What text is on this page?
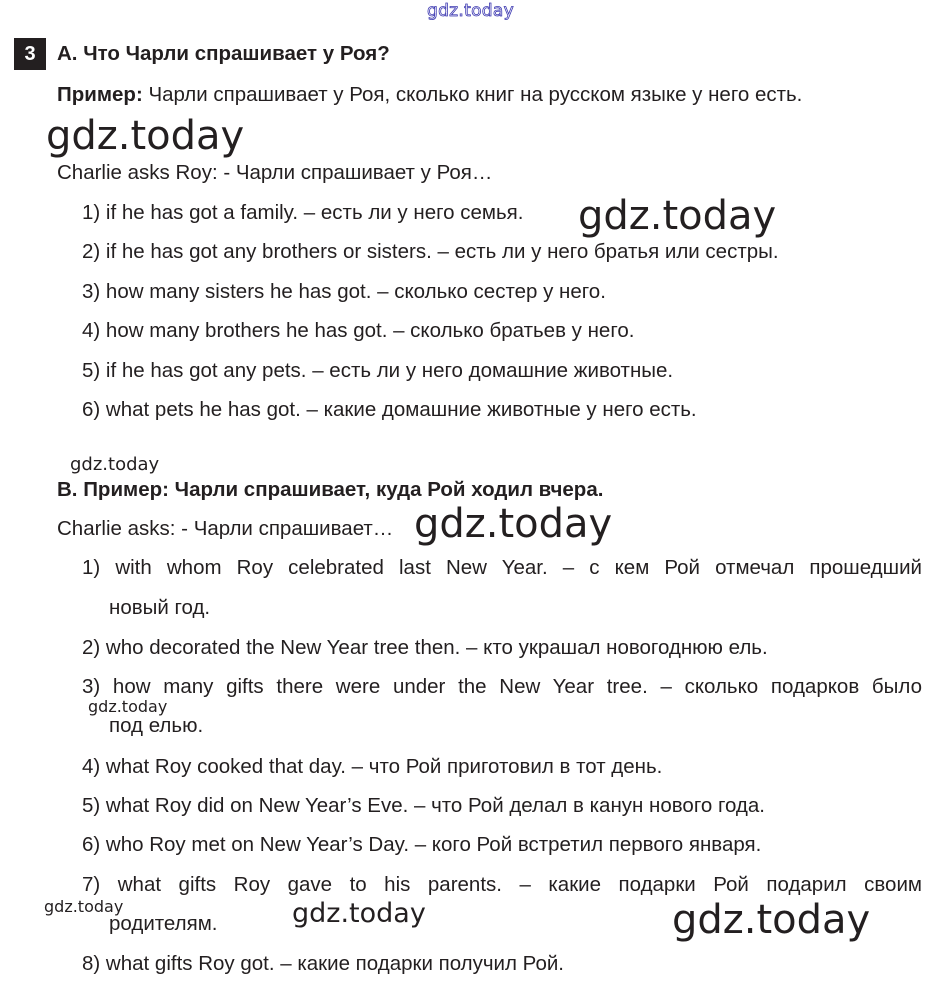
gdz.today
3	A. Что Чарли спрашивает у Роя?
Пример: Чарли спрашивает у Роя, сколько книг на русском языке у него есть.
Charlie asks Roy: - Чарли спрашивает у Роя…
1) if he has got a family. – есть ли у него семья.
2) if he has got any brothers or sisters. – есть ли у него братья или сестры.
3) how many sisters he has got. – сколько сестер у него.
4) how many brothers he has got. – сколько братьев у него.
5) if he has got any pets. – есть ли у него домашние животные.
6) what pets he has got. – какие домашние животные у него есть.
B. Пример: Чарли спрашивает, куда Рой ходил вчера.
Charlie asks: - Чарли спрашивает…
1) with whom Roy celebrated last New Year. – с кем Рой отмечал прошедший
новый год.
2) who decorated the New Year tree then. – кто украшал новогоднюю ель.
3) how many gifts there were under the New Year tree. – сколько подарков было
под елью.
4) what Roy cooked that day. – что Рой приготовил в тот день.
5) what Roy did on New Year’s Eve. – что Рой делал в канун нового года.
6) who Roy met on New Year’s Day. – кого Рой встретил первого января.
7) what gifts Roy gave to his parents. – какие подарки Рой подарил своим
родителям.
8) what gifts Roy got. – какие подарки получил Рой.
gdz.today
gdz.today
gdz.today
gdz.today
gdz.today
gdz.today	gdz.today	gdz.today
